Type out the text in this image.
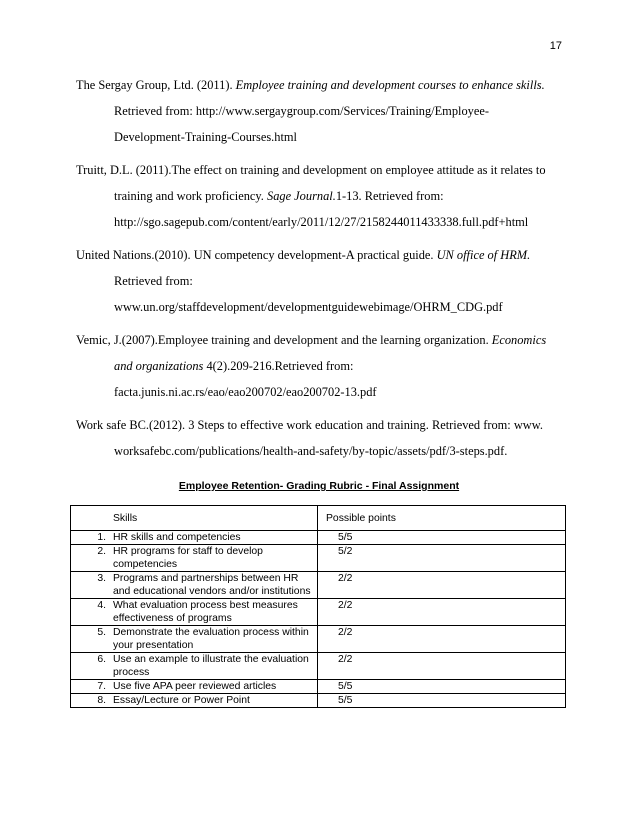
17
The Sergay Group, Ltd. (2011). Employee training and development courses to enhance skills.
Retrieved from: http://www.sergaygroup.com/Services/Training/Employee-
Development-Training-Courses.html
Truitt, D.L. (2011).The effect on training and development on employee attitude as it relates to
training and work proficiency. Sage Journal.1-13. Retrieved from:
http://sgo.sagepub.com/content/early/2011/12/27/2158244011433338.full.pdf+html
United Nations.(2010). UN competency development-A practical guide. UN office of HRM.
Retrieved from:
www.un.org/staffdevelopment/developmentguidewebimage/OHRM_CDG.pdf
Vemic, J.(2007).Employee training and development and the learning organization. Economics
and organizations 4(2).209-216.Retrieved from:
facta.junis.ni.ac.rs/eao/eao200702/eao200702-13.pdf
Work safe BC.(2012). 3 Steps to effective work education and training. Retrieved from: www.
worksafebc.com/publications/health-and-safety/by-topic/assets/pdf/3-steps.pdf.
Employee Retention- Grading Rubric - Final Assignment
Skills	Possible points

1. HR skills and competencies	5/5

2. HR programs for staff to develop competencies	5/2

3. Programs and partnerships between HR and educational vendors and/or institutions	2/2

4. What evaluation process best measures effectiveness of programs	2/2

5. Demonstrate the evaluation process within your presentation	2/2

6. Use an example to illustrate the evaluation process	2/2

7. Use five APA peer reviewed articles	5/5

8. Essay/Lecture or Power Point	5/5
